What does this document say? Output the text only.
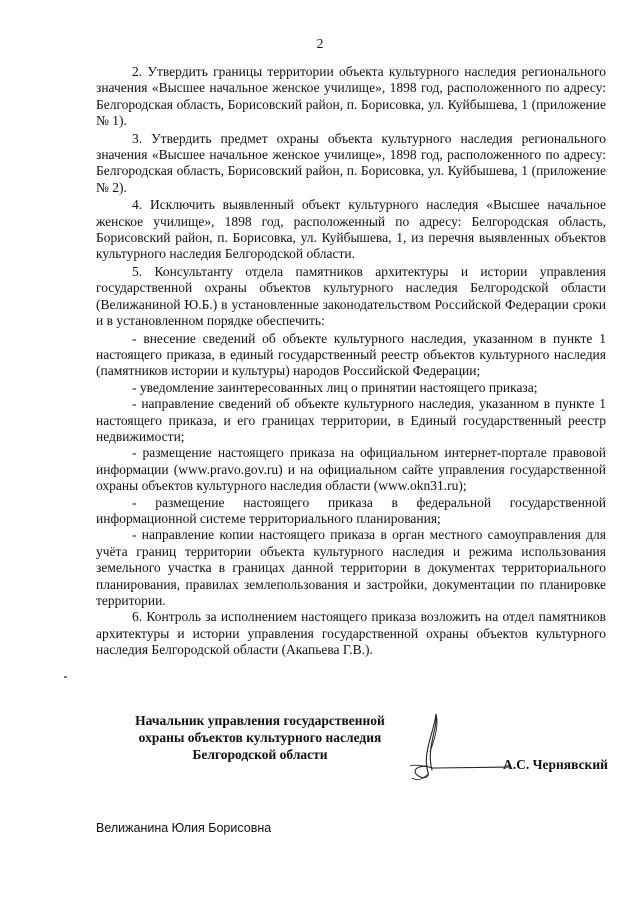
2

2. Утвердить границы территории объекта культурного наследия регионального значения «Высшее начальное женское училище», 1898 год, расположенного по адресу: Белгородская область, Борисовский район, п. Борисовка, ул. Куйбышева, 1 (приложение № 1).

3. Утвердить предмет охраны объекта культурного наследия регионального значения «Высшее начальное женское училище», 1898 год, расположенного по адресу: Белгородская область, Борисовский район, п. Борисовка, ул. Куйбышева, 1 (приложение № 2).

4. Исключить выявленный объект культурного наследия «Высшее начальное женское училище», 1898 год, расположенный по адресу: Белгородская область, Борисовский район, п. Борисовка, ул. Куйбышева, 1, из перечня выявленных объектов культурного наследия Белгородской области.

5. Консультанту отдела памятников архитектуры и истории управления государственной охраны объектов культурного наследия Белгородской области (Велижаниной Ю.Б.) в установленные законодательством Российской Федерации сроки и в установленном порядке обеспечить:

- внесение сведений об объекте культурного наследия, указанном в пункте 1 настоящего приказа, в единый государственный реестр объектов культурного наследия (памятников истории и культуры) народов Российской Федерации;

- уведомление заинтересованных лиц о принятии настоящего приказа;

- направление сведений об объекте культурного наследия, указанном в пункте 1 настоящего приказа, и его границах территории, в Единый государственный реестр недвижимости;

- размещение настоящего приказа на официальном интернет-портале правовой информации (www.pravo.gov.ru) и на официальном сайте управления государственной охраны объектов культурного наследия области (www.okn31.ru);

- размещение настоящего приказа в федеральной государственной информационной системе территориального планирования;

- направление копии настоящего приказа в орган местного самоуправления для учёта границ территории объекта культурного наследия и режима использования земельного участка в границах данной территории в документах территориального планирования, правилах землепользования и застройки, документации по планировке территории.

6. Контроль за исполнением настоящего приказа возложить на отдел памятников архитектуры и истории управления государственной охраны объектов культурного наследия Белгородской области (Акапьева Г.В.).

Начальник управления государственной
охраны объектов культурного наследия
Белгородской области
А.С. Чернявский
Велижанина Юлия Борисовна
